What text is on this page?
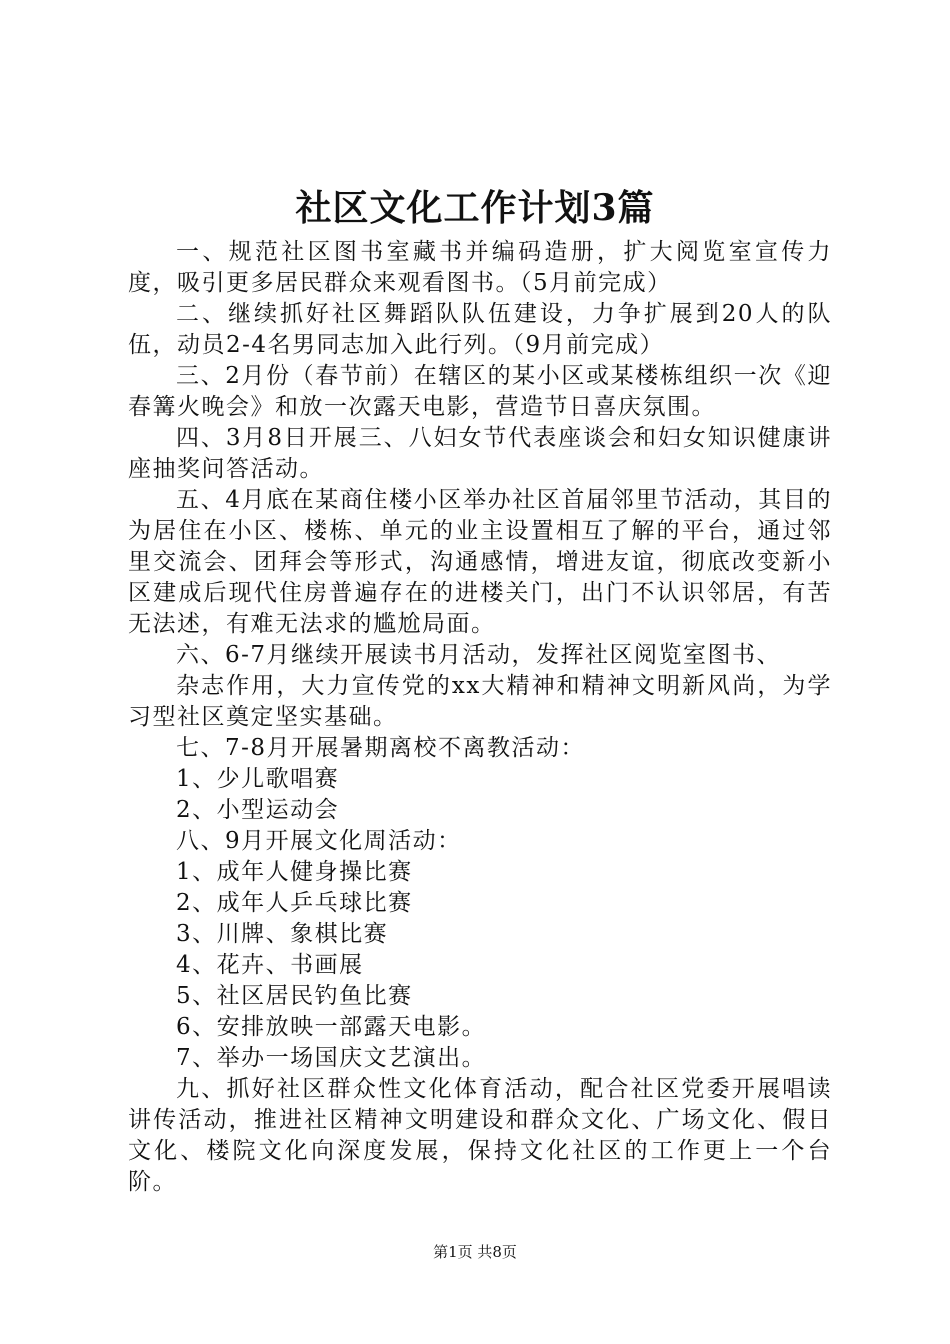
社区文化工作计划3篇

一、规范社区图书室藏书并编码造册，扩大阅览室宣传力度，吸引更多居民群众来观看图书。（5月前完成）

二、继续抓好社区舞蹈队队伍建设，力争扩展到20人的队伍，动员2-4名男同志加入此行列。（9月前完成）

三、2月份（春节前）在辖区的某小区或某楼栋组织一次《迎春篝火晚会》和放一次露天电影，营造节日喜庆氛围。

四、3月8日开展三、八妇女节代表座谈会和妇女知识健康讲座抽奖问答活动。

五、4月底在某商住楼小区举办社区首届邻里节活动，其目的为居住在小区、楼栋、单元的业主设置相互了解的平台，通过邻里交流会、团拜会等形式，沟通感情，增进友谊，彻底改变新小区建成后现代住房普遍存在的进楼关门，出门不认识邻居，有苦无法述，有难无法求的尴尬局面。

六、6-7月继续开展读书月活动，发挥社区阅览室图书、

杂志作用，大力宣传党的xx大精神和精神文明新风尚，为学习型社区奠定坚实基础。

七、7-8月开展暑期离校不离教活动：

1、少儿歌唱赛

2、小型运动会

八、9月开展文化周活动：

1、成年人健身操比赛

2、成年人乒乓球比赛

3、川牌、象棋比赛

4、花卉、书画展

5、社区居民钓鱼比赛

6、安排放映一部露天电影。

7、举办一场国庆文艺演出。

九、抓好社区群众性文化体育活动，配合社区党委开展唱读讲传活动，推进社区精神文明建设和群众文化、广场文化、假日文化、楼院文化向深度发展，保持文化社区的工作更上一个台阶。

第1页 共8页
